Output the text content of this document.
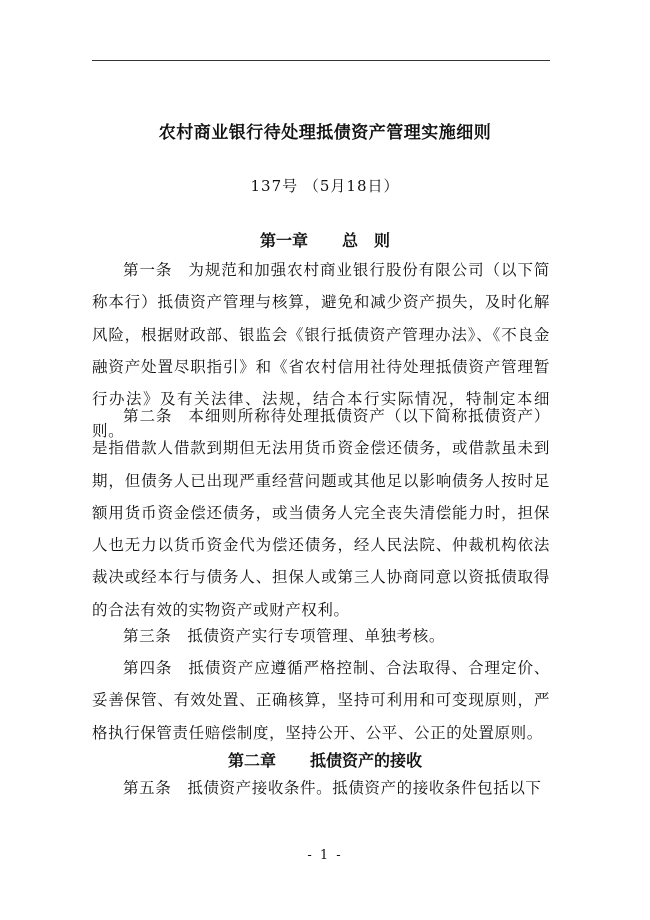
农村商业银行待处理抵债资产管理实施细则
137号 （5月18日）
第一章 总　则

第一条 为规范和加强农村商业银行股份有限公司（以下简称本行）抵债资产管理与核算，避免和减少资产损失，及时化解风险，根据财政部、银监会《银行抵债资产管理办法》、《不良金融资产处置尽职指引》和《省农村信用社待处理抵债资产管理暂行办法》及有关法律、法规，结合本行实际情况，特制定本细则。

第二条 本细则所称待处理抵债资产（以下简称抵债资产）是指借款人借款到期但无法用货币资金偿还债务，或借款虽未到期，但债务人已出现严重经营问题或其他足以影响债务人按时足额用货币资金偿还债务，或当债务人完全丧失清偿能力时，担保人也无力以货币资金代为偿还债务，经人民法院、仲裁机构依法裁决或经本行与债务人、担保人或第三人协商同意以资抵债取得的合法有效的实物资产或财产权利。

第三条 抵债资产实行专项管理、单独考核。

第四条 抵债资产应遵循严格控制、合法取得、合理定价、妥善保管、有效处置、正确核算，坚持可利用和可变现原则，严格执行保管责任赔偿制度，坚持公开、公平、公正的处置原则。

第二章 抵债资产的接收

第五条 抵债资产接收条件。抵债资产的接收条件包括以下

- 1 -
